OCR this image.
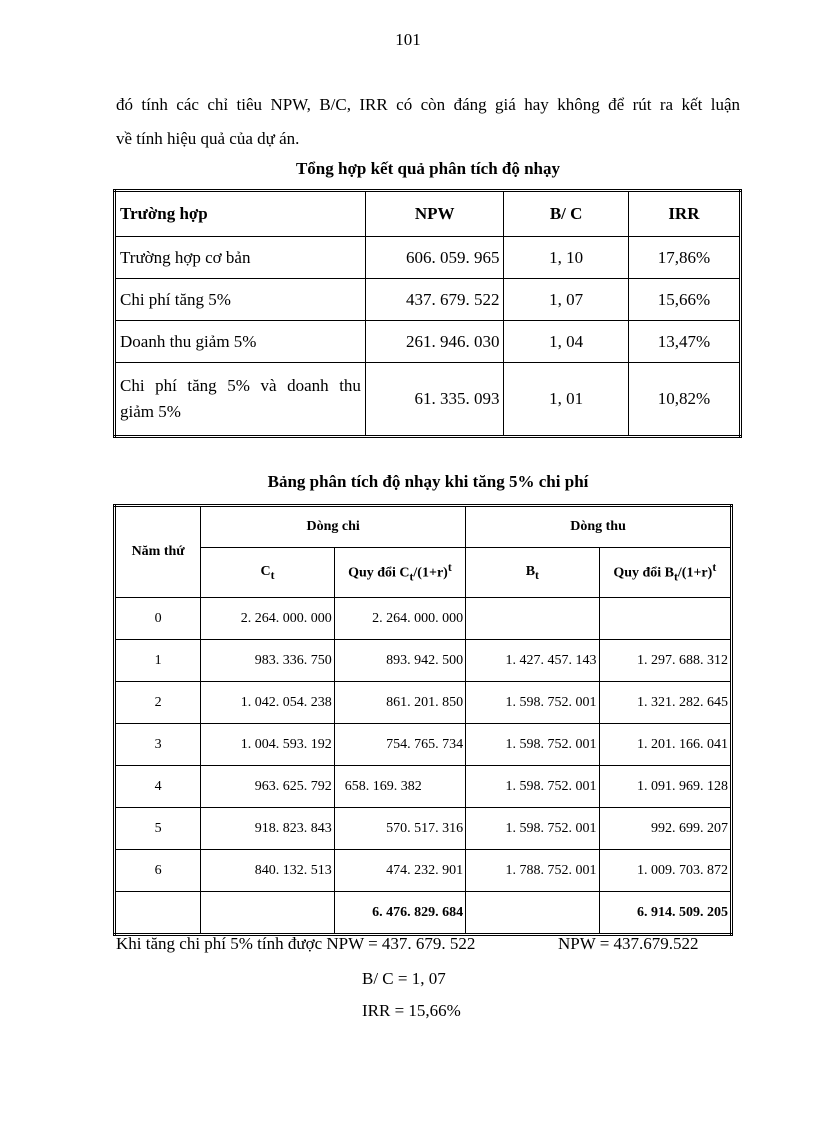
101
đó tính các chỉ tiêu NPW, B/C, IRR có còn đáng giá hay không để rút ra kết luận
về tính hiệu quả của dự án.
Tổng hợp kết quả phân tích độ nhạy
Trường hợp	NPW	B/ C	IRR
Trường hợp cơ bản	606. 059. 965	1, 10	17,86%
Chi phí tăng 5%	437. 679. 522	1, 07	15,66%
Doanh thu giảm 5%	261. 946. 030	1, 04	13,47%

Chi phí tăng 5% và doanh thu
giảm 5%	61. 335. 093	1, 01	10,82%
Bảng phân tích độ nhạy khi tăng 5% chi phí
Năm thứ	Dòng chi		Dòng thu	
	$C_t$	Quy đổi $C_t/(1+r)^t$	$B_t$	Quy đổi $B_t/(1+r)^t$
0	2. 264. 000. 000	2. 264. 000. 000		
1	983. 336. 750	893. 942. 500	1. 427. 457. 143	1. 297. 688. 312
2	1. 042. 054. 238	861. 201. 850	1. 598. 752. 001	1. 321. 282. 645
3	1. 004. 593. 192	754. 765. 734	1. 598. 752. 001	1. 201. 166. 041
4	963. 625. 792	658. 169. 382	1. 598. 752. 001	1. 091. 969. 128
5	918. 823. 843	570. 517. 316	1. 598. 752. 001	992. 699. 207
6	840. 132. 513	474. 232. 901	1. 788. 752. 001	1. 009. 703. 872
		6. 476. 829. 684		6. 914. 509. 205
Khi tăng chi phí 5% tính được NPW = 437. 679. 522	NPW = 437.679.522
B/ C = 1, 07
IRR = 15,66%
